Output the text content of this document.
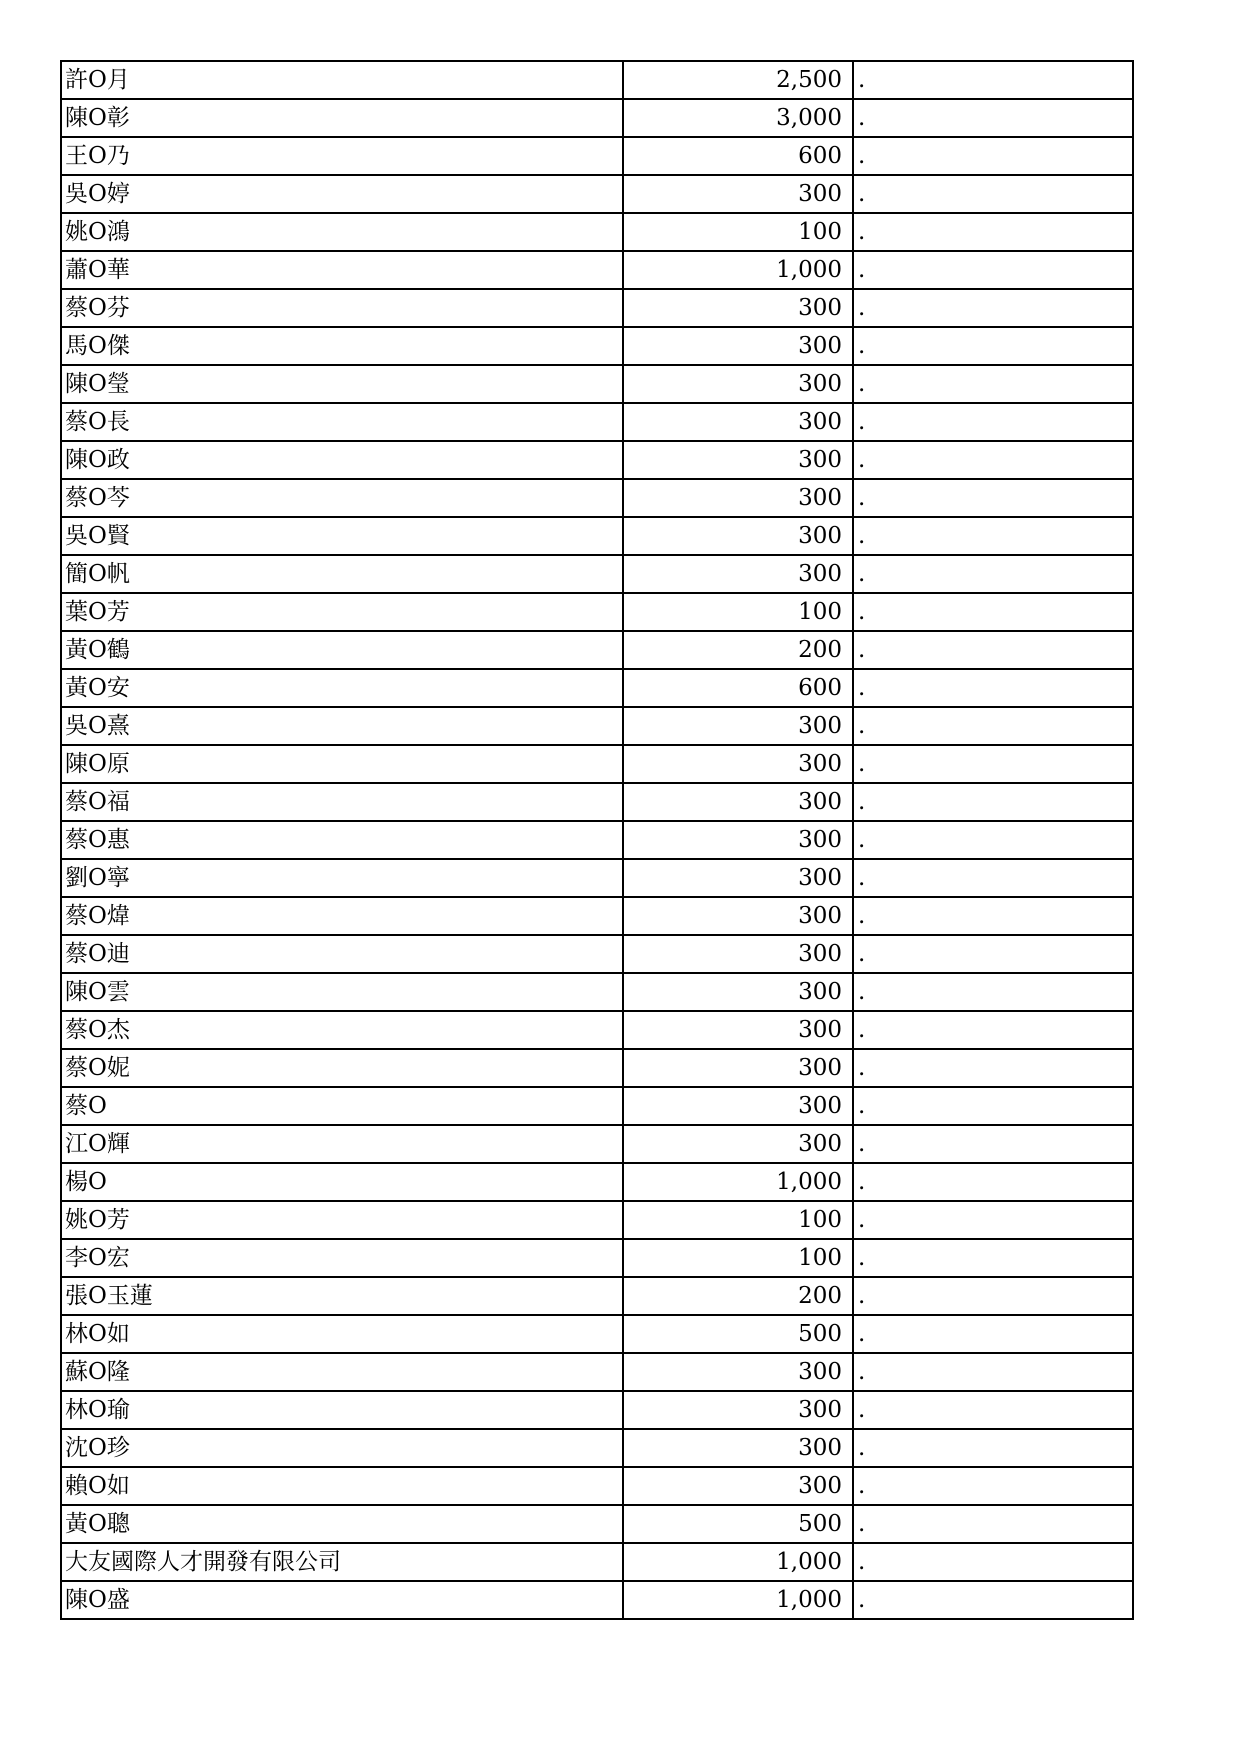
許O月	2,500	.
陳O彰	3,000	.
王O乃	600	.
吳O婷	300	.
姚O鴻	100	.
蕭O華	1,000	.
蔡O芬	300	.
馬O傑	300	.
陳O瑩	300	.
蔡O長	300	.
陳O政	300	.
蔡O芩	300	.
吳O賢	300	.
簡O帆	300	.
葉O芳	100	.
黃O鶴	200	.
黃O安	600	.
吳O熹	300	.
陳O原	300	.
蔡O福	300	.
蔡O惠	300	.
劉O寧	300	.
蔡O煒	300	.
蔡O迪	300	.
陳O雲	300	.
蔡O杰	300	.
蔡O妮	300	.
蔡O	300	.
江O輝	300	.
楊O	1,000	.
姚O芳	100	.
李O宏	100	.
張O玉蓮	200	.
林O如	500	.
蘇O隆	300	.
林O瑜	300	.
沈O珍	300	.
賴O如	300	.
黃O聰	500	.
大友國際人才開發有限公司	1,000	.
陳O盛	1,000	.
